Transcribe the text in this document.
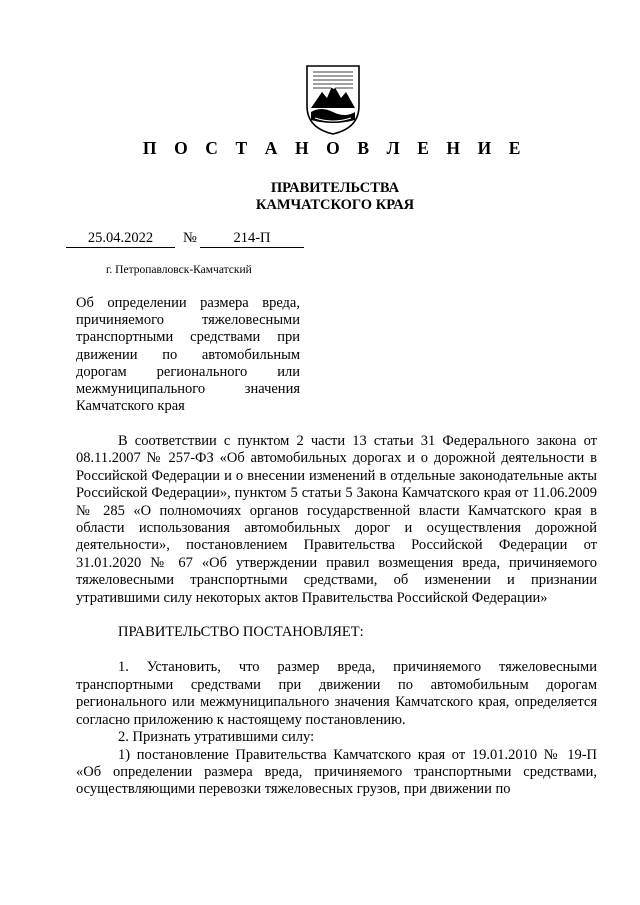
П О С Т А Н О В Л Е Н И Е
ПРАВИТЕЛЬСТВА
КАМЧАТСКОГО КРАЯ
25.04.2022	№	214-П
г. Петропавловск-Камчатский
Об определении размера вреда, причиняемого тяжеловесными транспортными средствами при движении по автомобильным дорогам регионального или межмуниципального значения Камчатского края

В соответствии с пунктом 2 части 13 статьи 31 Федерального закона от 08.11.2007 № 257-ФЗ «Об автомобильных дорогах и о дорожной деятельности в Российской Федерации и о внесении изменений в отдельные законодательные акты Российской Федерации», пунктом 5 статьи 5 Закона Камчатского края от 11.06.2009 № 285 «О полномочиях органов государственной власти Камчатского края в области использования автомобильных дорог и осуществления дорожной деятельности», постановлением Правительства Российской Федерации от 31.01.2020 № 67 «Об утверждении правил возмещения вреда, причиняемого тяжеловесными транспортными средствами, об изменении и признании утратившими силу некоторых актов Правительства Российской Федерации»

ПРАВИТЕЛЬСТВО ПОСТАНОВЛЯЕТ:

1. Установить, что размер вреда, причиняемого тяжеловесными транспортными средствами при движении по автомобильным дорогам регионального или межмуниципального значения Камчатского края, определяется согласно приложению к настоящему постановлению.

2. Признать утратившими силу:

1) постановление Правительства Камчатского края от 19.01.2010 № 19-П «Об определении размера вреда, причиняемого транспортными средствами, осуществляющими перевозки тяжеловесных грузов, при движении по
